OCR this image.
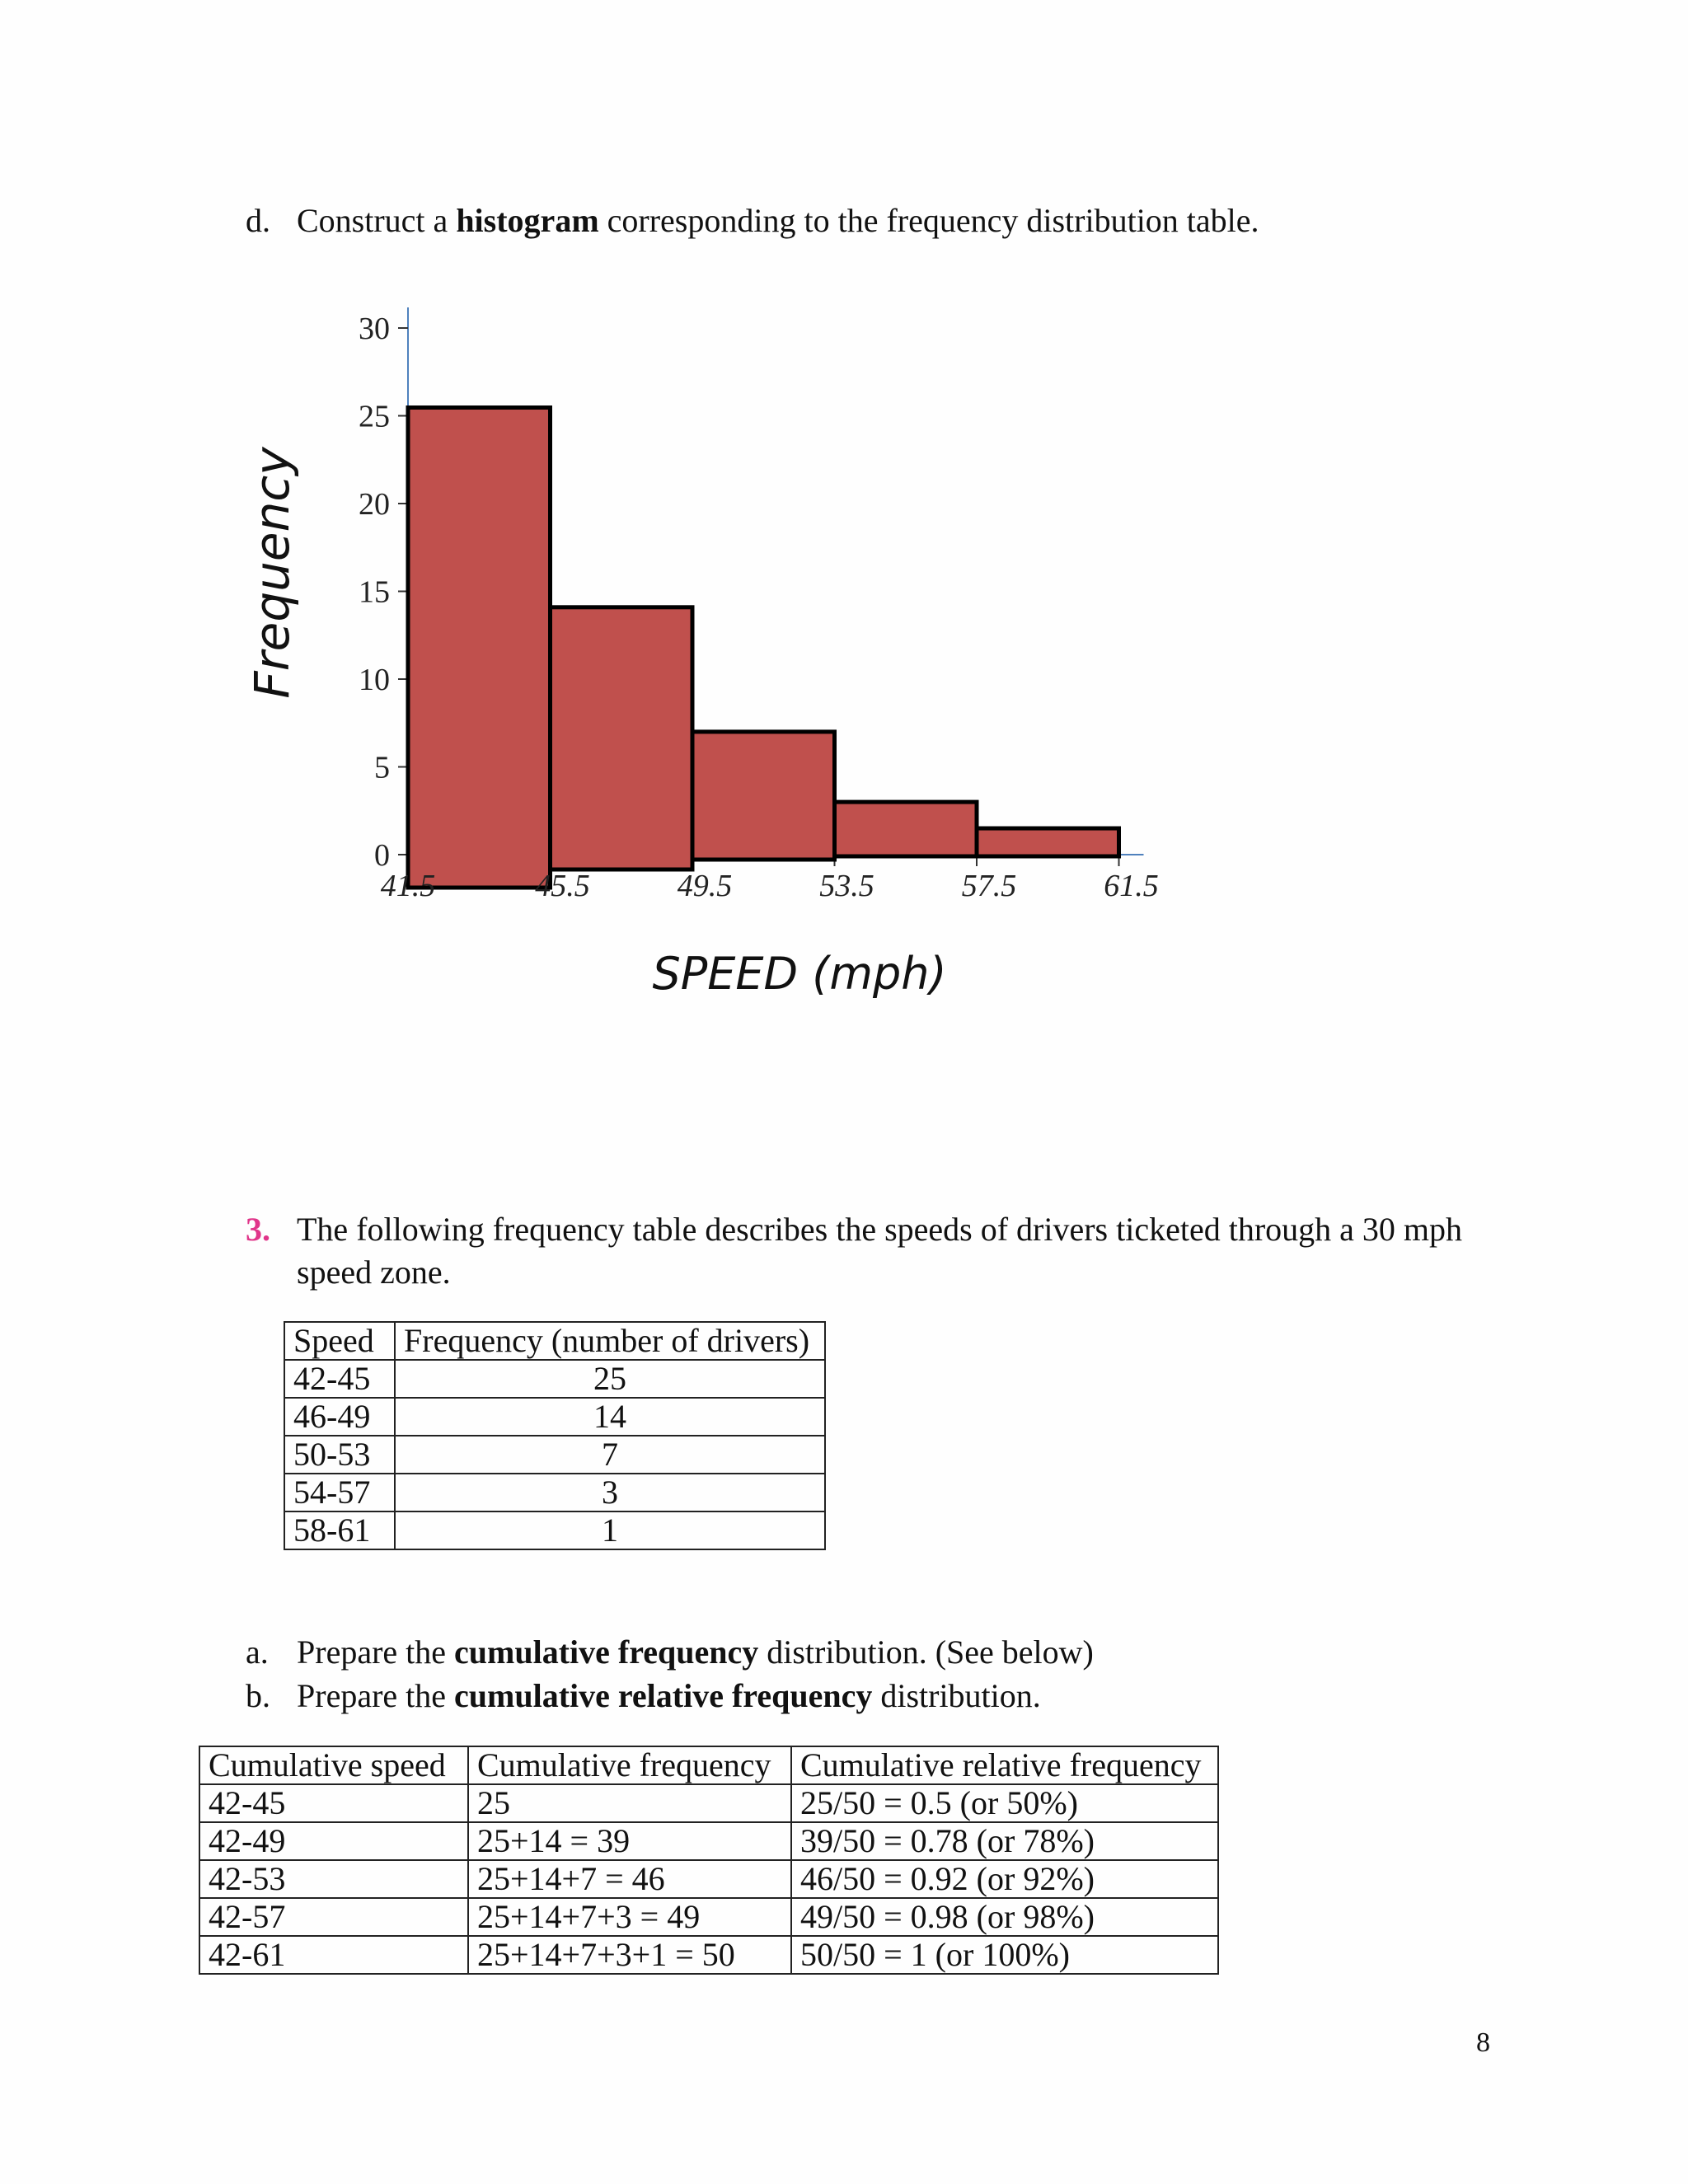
d. Construct a histogram corresponding to the frequency distribution table.
Frequency
SPEED (mph)
0
5
10
15
20
25
30
41.5	45.5	49.5	53.5	57.5	61.5
3. The following frequency table describes the speeds of drivers ticketed through a 30 mph
speed zone.
Speed	Frequency (number of drivers)
42-45	25
46-49	14
50-53	7
54-57	3
58-61	1
a. Prepare the cumulative frequency distribution. (See below)
b. Prepare the cumulative relative frequency distribution.
Cumulative speed	Cumulative frequency	Cumulative relative frequency
42-45	25	25/50 = 0.5 (or 50%)
42-49	25+14 = 39	39/50 = 0.78 (or 78%)
42-53	25+14+7 = 46	46/50 = 0.92 (or 92%)
42-57	25+14+7+3 = 49	49/50 = 0.98 (or 98%)
42-61	25+14+7+3+1 = 50	50/50 = 1 (or 100%)
8
